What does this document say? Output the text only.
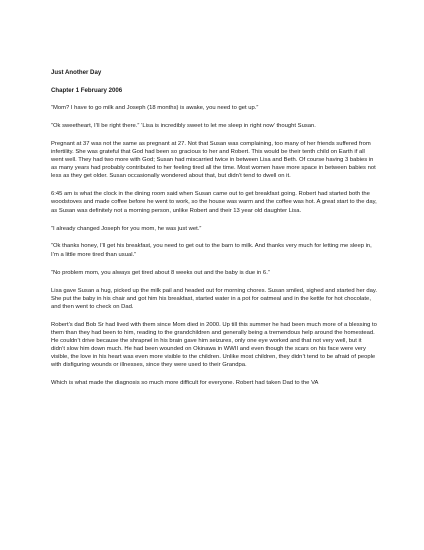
Just Another Day
Chapter 1 February 2006

“Mom? I have to go milk and Joseph (18 months) is awake, you need to get up.”

“Ok sweetheart, I’ll be right there.” ‘Lisa is incredibly sweet to let me sleep in right now’ thought Susan.

Pregnant at 37 was not the same as pregnant at 27. Not that Susan was complaining, too many of her friends suffered from infertility. She was grateful that God had been so gracious to her and Robert. This would be their tenth child on Earth if all went well. They had two more with God; Susan had miscarried twice in between Lisa and Beth. Of course having 3 babies in as many years had probably contributed to her feeling tired all the time. Most women have more space in between babies not less as they get older. Susan occasionally wondered about that, but didn’t tend to dwell on it.

6:45 am is what the clock in the dining room said when Susan came out to get breakfast going. Robert had started both the woodstoves and made coffee before he went to work, so the house was warm and the coffee was hot. A great start to the day, as Susan was definitely not a morning person, unlike Robert and their 13 year old daughter Lisa.

“I already changed Joseph for you mom, he was just wet.”

“Ok thanks honey, I’ll get his breakfast, you need to get out to the barn to milk. And thanks very much for letting me sleep in, I’m a little more tired than usual.”

“No problem mom, you always get tired about 8 weeks out and the baby is due in 6.”

Lisa gave Susan a hug, picked up the milk pail and headed out for morning chores. Susan smiled, sighed and started her day. She put the baby in his chair and got him his breakfast, started water in a pot for oatmeal and in the kettle for hot chocolate, and then went to check on Dad.

Robert’s dad Bob Sr had lived with them since Mom died in 2000. Up till this summer he had been much more of a blessing to them than they had been to him, reading to the grandchildren and generally being a tremendous help around the homestead. He couldn’t drive because the shrapnel in his brain gave him seizures, only one eye worked and that not very well, but it didn’t slow him down much. He had been wounded on Okinawa in WWII and even though the scars on his face were very visible, the love in his heart was even more visible to the children. Unlike most children, they didn’t tend to be afraid of people with disfiguring wounds or illnesses, since they were used to their Grandpa.

Which is what made the diagnosis so much more difficult for everyone. Robert had taken Dad to the VA
